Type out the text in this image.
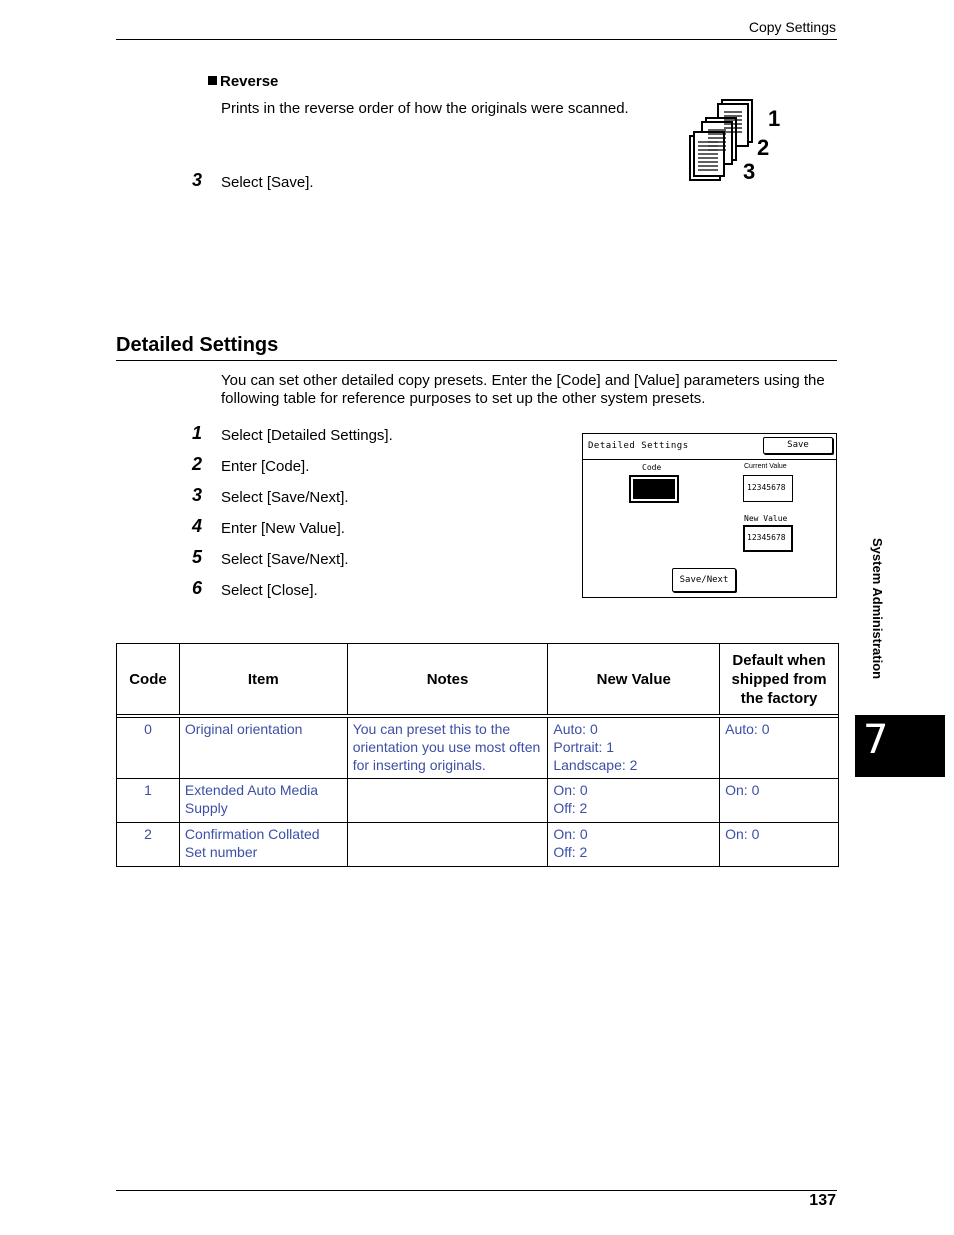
Copy Settings
Reverse
Prints in the reverse order of how the originals were scanned.	1
2
3
3 Select [Save].
Detailed Settings
You can set other detailed copy presets. Enter the [Code] and [Value] parameters using the following table for reference purposes to set up the other system presets.
1 Select [Detailed Settings].
2 Enter [Code].
3 Select [Save/Next].
4 Enter [New Value].
5 Select [Save/Next].
6 Select [Close].
Detailed Settings	Save
Code	Current Value
12345678
New Value
12345678
Save/Next
Code	Item	Notes	New Value	Default when shipped from the factory

0	Original orientation	You can preset this to the orientation you use most often for inserting originals.	Auto: 0
Portrait: 1
Landscape: 2	Auto: 0
1	Extended Auto Media Supply		On: 0
Off: 2	On: 0
2	Confirmation Collated Set number		On: 0
Off: 2	On: 0
System Administration
7
137
